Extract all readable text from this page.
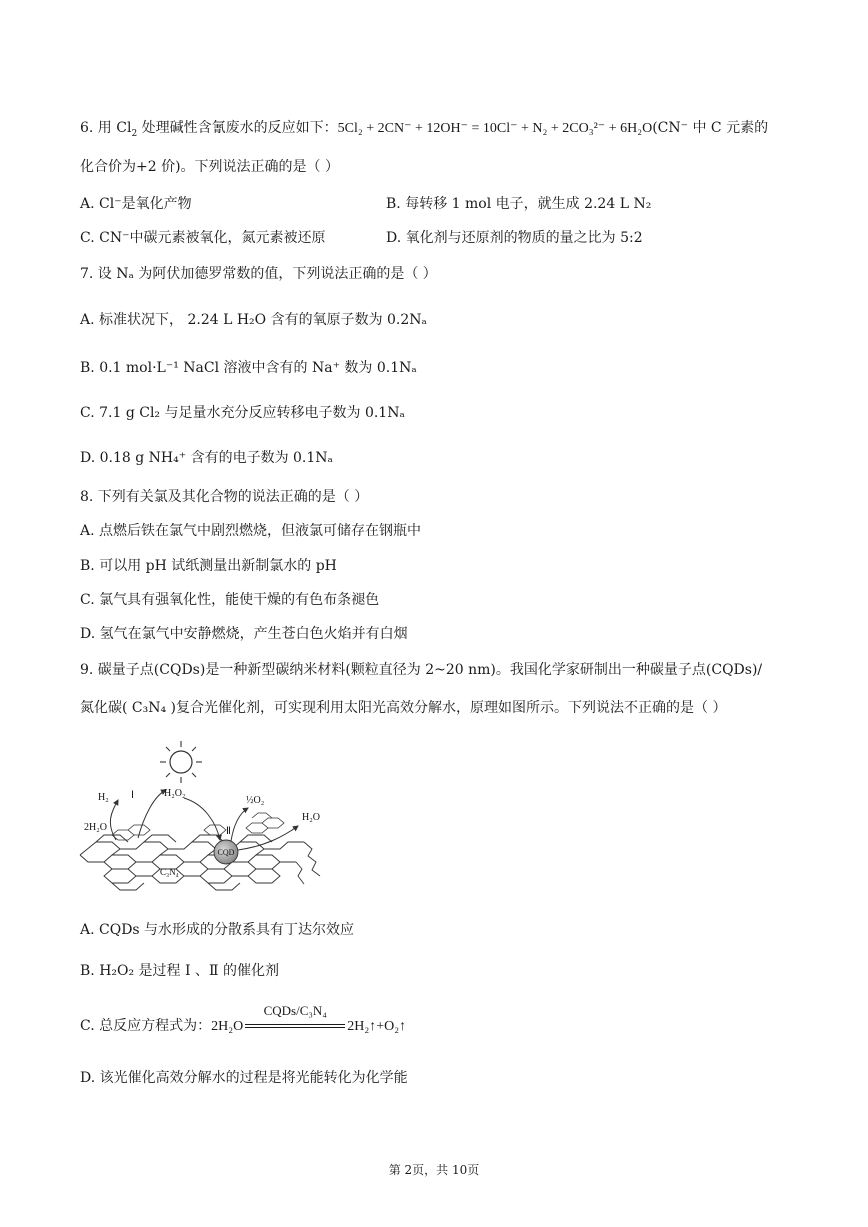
6. 用 $Cl_2$ 处理碱性含氰废水的反应如下：5Cl₂ + 2CN⁻ + 12OH⁻ = 10Cl⁻ + N₂ + 2CO₃²⁻ + 6H₂O(CN⁻ 中 C 元素的
化合价为+2 价)。下列说法正确的是（ ）
A. Cl⁻是氧化产物	B. 每转移 1 mol 电子，就生成 2.24 L N₂
C. CN⁻中碳元素被氧化，氮元素被还原	D. 氧化剂与还原剂的物质的量之比为 5:2
7. 设 Nₐ 为阿伏加德罗常数的值，下列说法正确的是（ ）
A. 标准状况下， 2.24 L H₂O 含有的氧原子数为 0.2Nₐ
B. 0.1 mol·L⁻¹ NaCl 溶液中含有的 Na⁺ 数为 0.1Nₐ
C. 7.1 g Cl₂ 与足量水充分反应转移电子数为 0.1Nₐ
D. 0.18 g NH₄⁺ 含有的电子数为 0.1Nₐ
8. 下列有关氯及其化合物的说法正确的是（ ）
A. 点燃后铁在氯气中剧烈燃烧，但液氯可储存在钢瓶中
B. 可以用 pH 试纸测量出新制氯水的 pH
C. 氯气具有强氧化性，能使干燥的有色布条褪色
D. 氢气在氯气中安静燃烧，产生苍白色火焰并有白烟
9. 碳量子点(CQDs)是一种新型碳纳米材料(颗粒直径为 2~20 nm)。我国化学家研制出一种碳量子点(CQDs)/
氮化碳( C₃N₄ )复合光催化剂，可实现利用太阳光高效分解水，原理如图所示。下列说法不正确的是（ ）
CQD
H₂
2H₂O
Ⅰ	H₂O₂
½O₂
Ⅱ
H₂O
C₃N₄
A. CQDs 与水形成的分散系具有丁达尔效应
B. H₂O₂ 是过程 Ⅰ 、Ⅱ 的催化剂
C. 总反应方程式为：2H₂O
CQDs/C₃N₄
2H₂↑+O₂↑
D. 该光催化高效分解水的过程是将光能转化为化学能
第 2页，共 10页
